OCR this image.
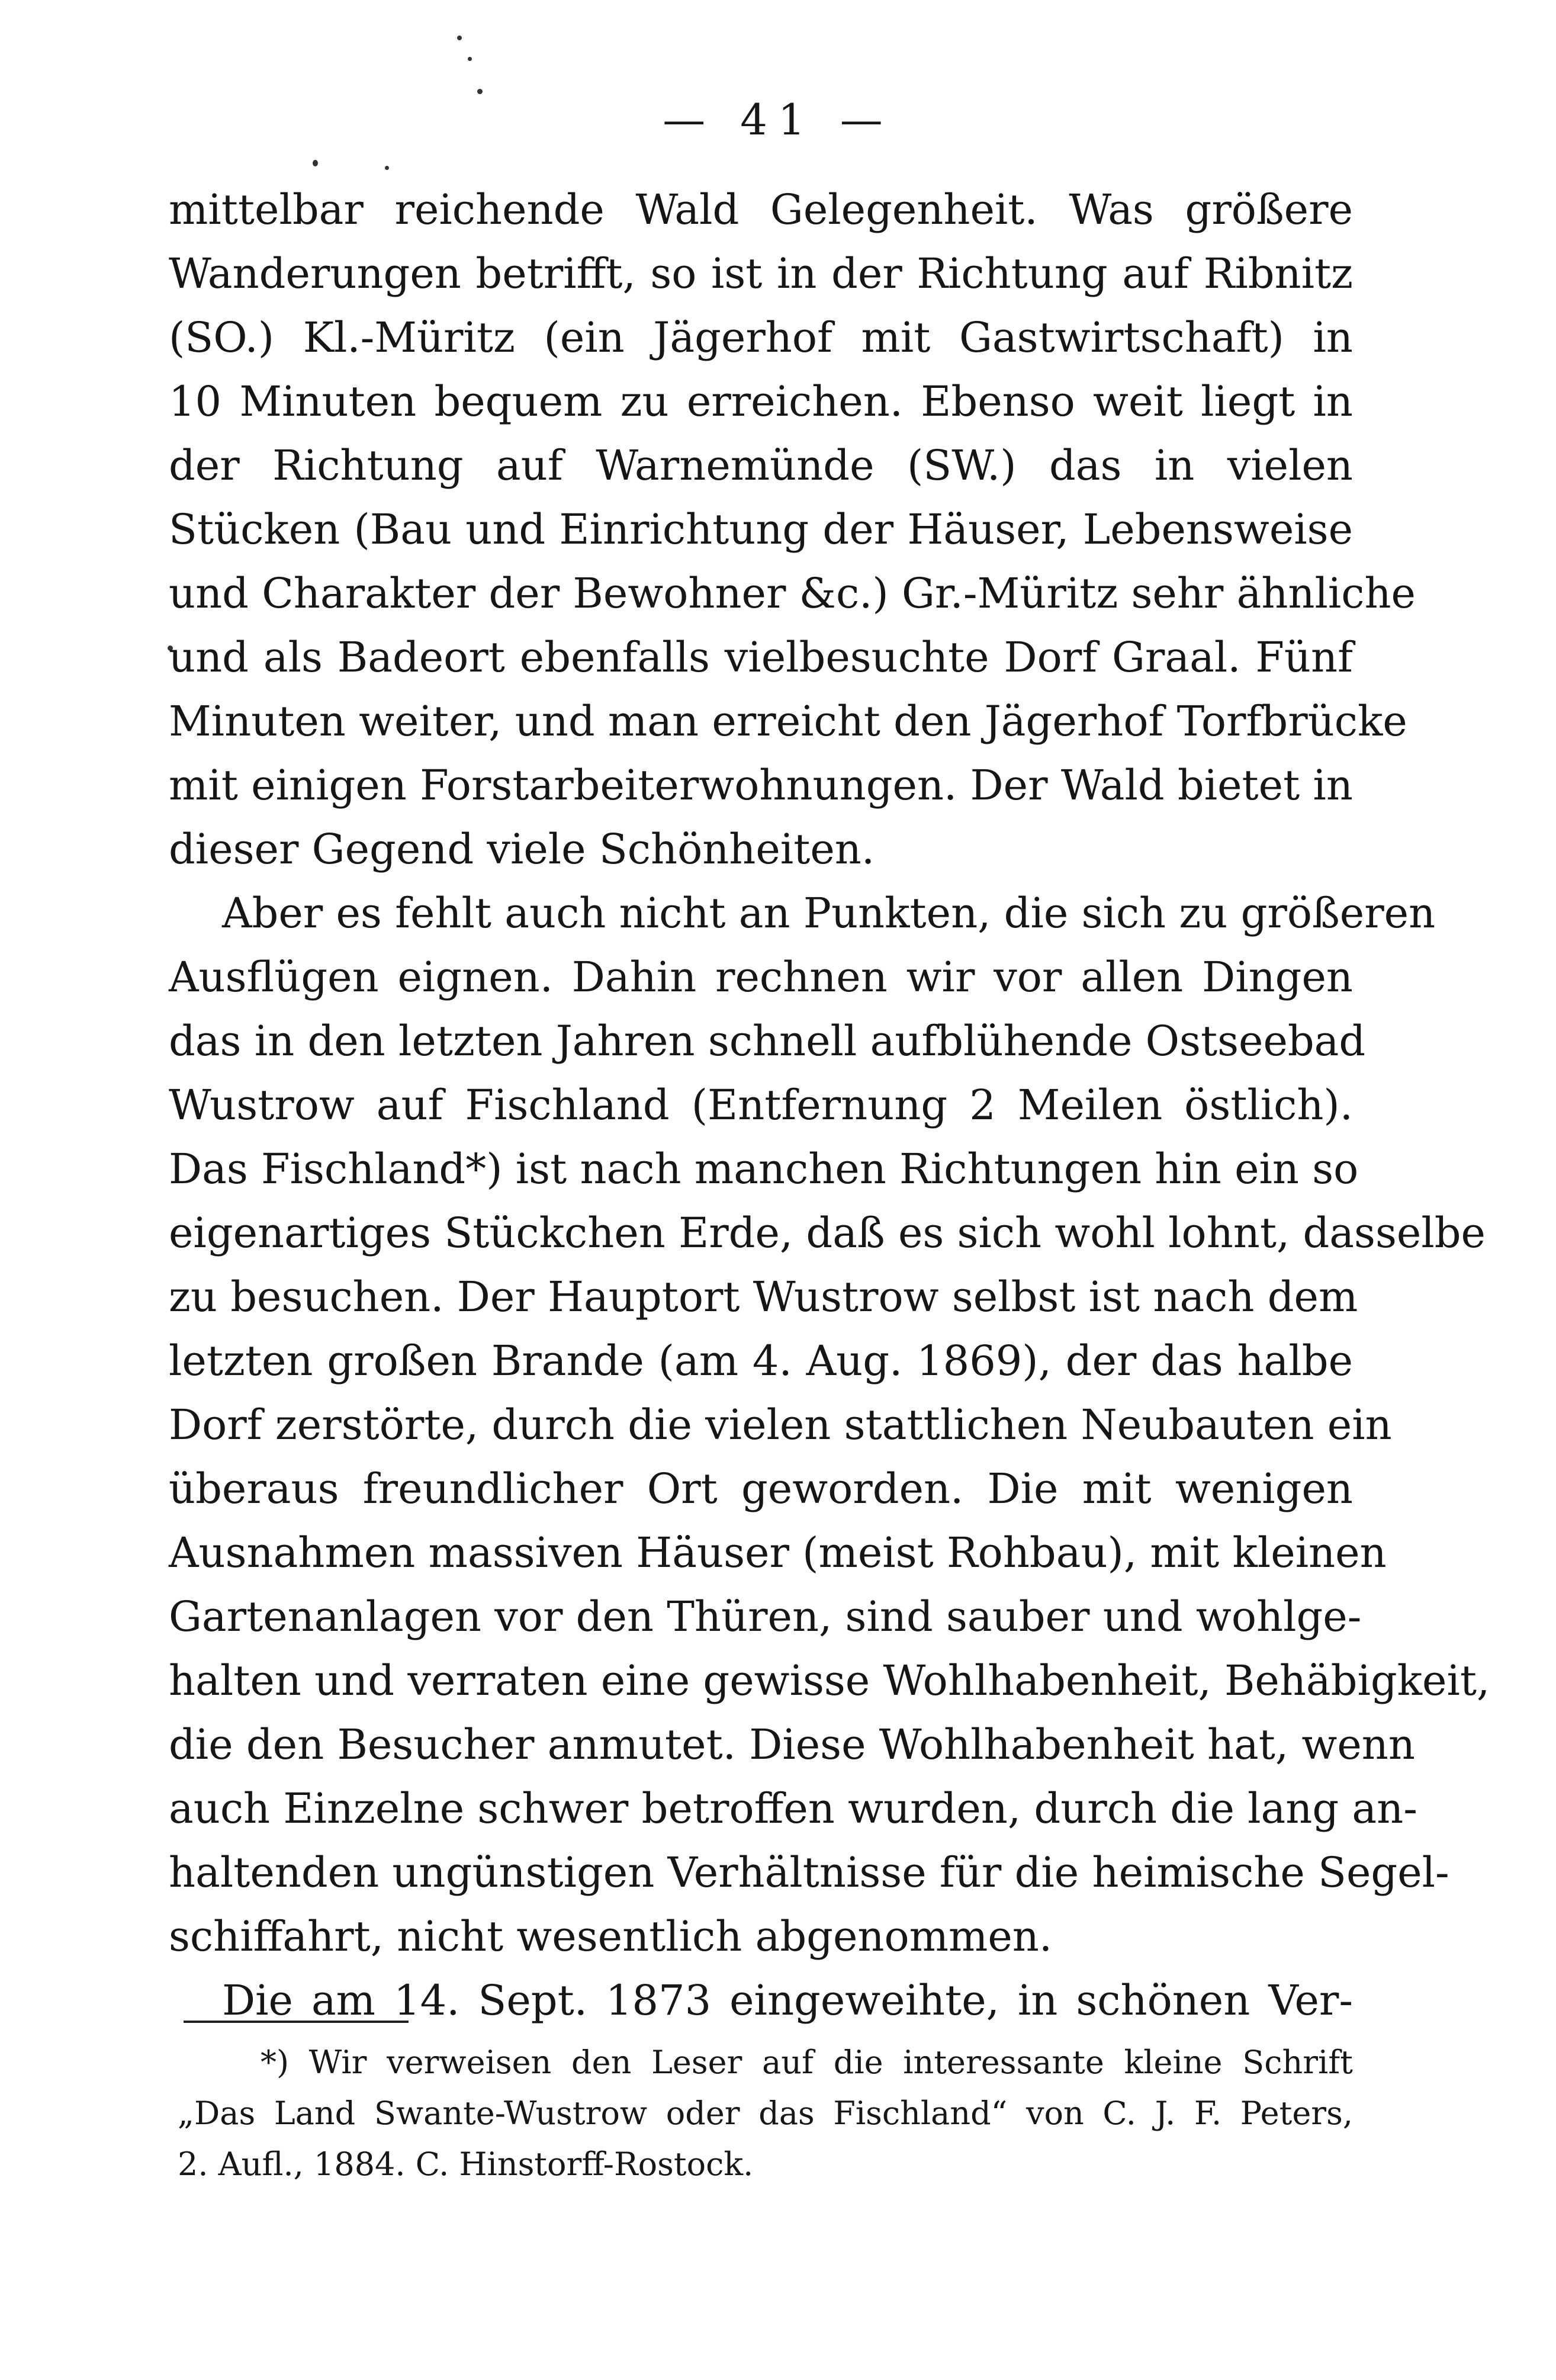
— 41 —
mittelbar reichende Wald Gelegenheit. Was größere
Wanderungen betrifft, so ist in der Richtung auf Ribnitz
(SO.) Kl.-Müritz (ein Jägerhof mit Gastwirtschaft) in
10 Minuten bequem zu erreichen. Ebenso weit liegt in
der Richtung auf Warnemünde (SW.) das in vielen
Stücken (Bau und Einrichtung der Häuser, Lebensweise
und Charakter der Bewohner &c.) Gr.-Müritz sehr ähnliche
und als Badeort ebenfalls vielbesuchte Dorf Graal. Fünf
Minuten weiter, und man erreicht den Jägerhof Torfbrücke
mit einigen Forstarbeiterwohnungen. Der Wald bietet in
dieser Gegend viele Schönheiten.
Aber es fehlt auch nicht an Punkten, die sich zu größeren
Ausflügen eignen. Dahin rechnen wir vor allen Dingen
das in den letzten Jahren schnell aufblühende Ostseebad
Wustrow auf Fischland (Entfernung 2 Meilen östlich).
Das Fischland*) ist nach manchen Richtungen hin ein so
eigenartiges Stückchen Erde, daß es sich wohl lohnt, dasselbe
zu besuchen. Der Hauptort Wustrow selbst ist nach dem
letzten großen Brande (am 4. Aug. 1869), der das halbe
Dorf zerstörte, durch die vielen stattlichen Neubauten ein
überaus freundlicher Ort geworden. Die mit wenigen
Ausnahmen massiven Häuser (meist Rohbau), mit kleinen
Gartenanlagen vor den Thüren, sind sauber und wohlge-
halten und verraten eine gewisse Wohlhabenheit, Behäbigkeit,
die den Besucher anmutet. Diese Wohlhabenheit hat, wenn
auch Einzelne schwer betroffen wurden, durch die lang an-
haltenden ungünstigen Verhältnisse für die heimische Segel-
schiffahrt, nicht wesentlich abgenommen.
Die am 14. Sept. 1873 eingeweihte, in schönen Ver-
*) Wir verweisen den Leser auf die interessante kleine Schrift
„Das Land Swante-Wustrow oder das Fischland“ von C. J. F. Peters,
2. Aufl., 1884. C. Hinstorff-Rostock.
